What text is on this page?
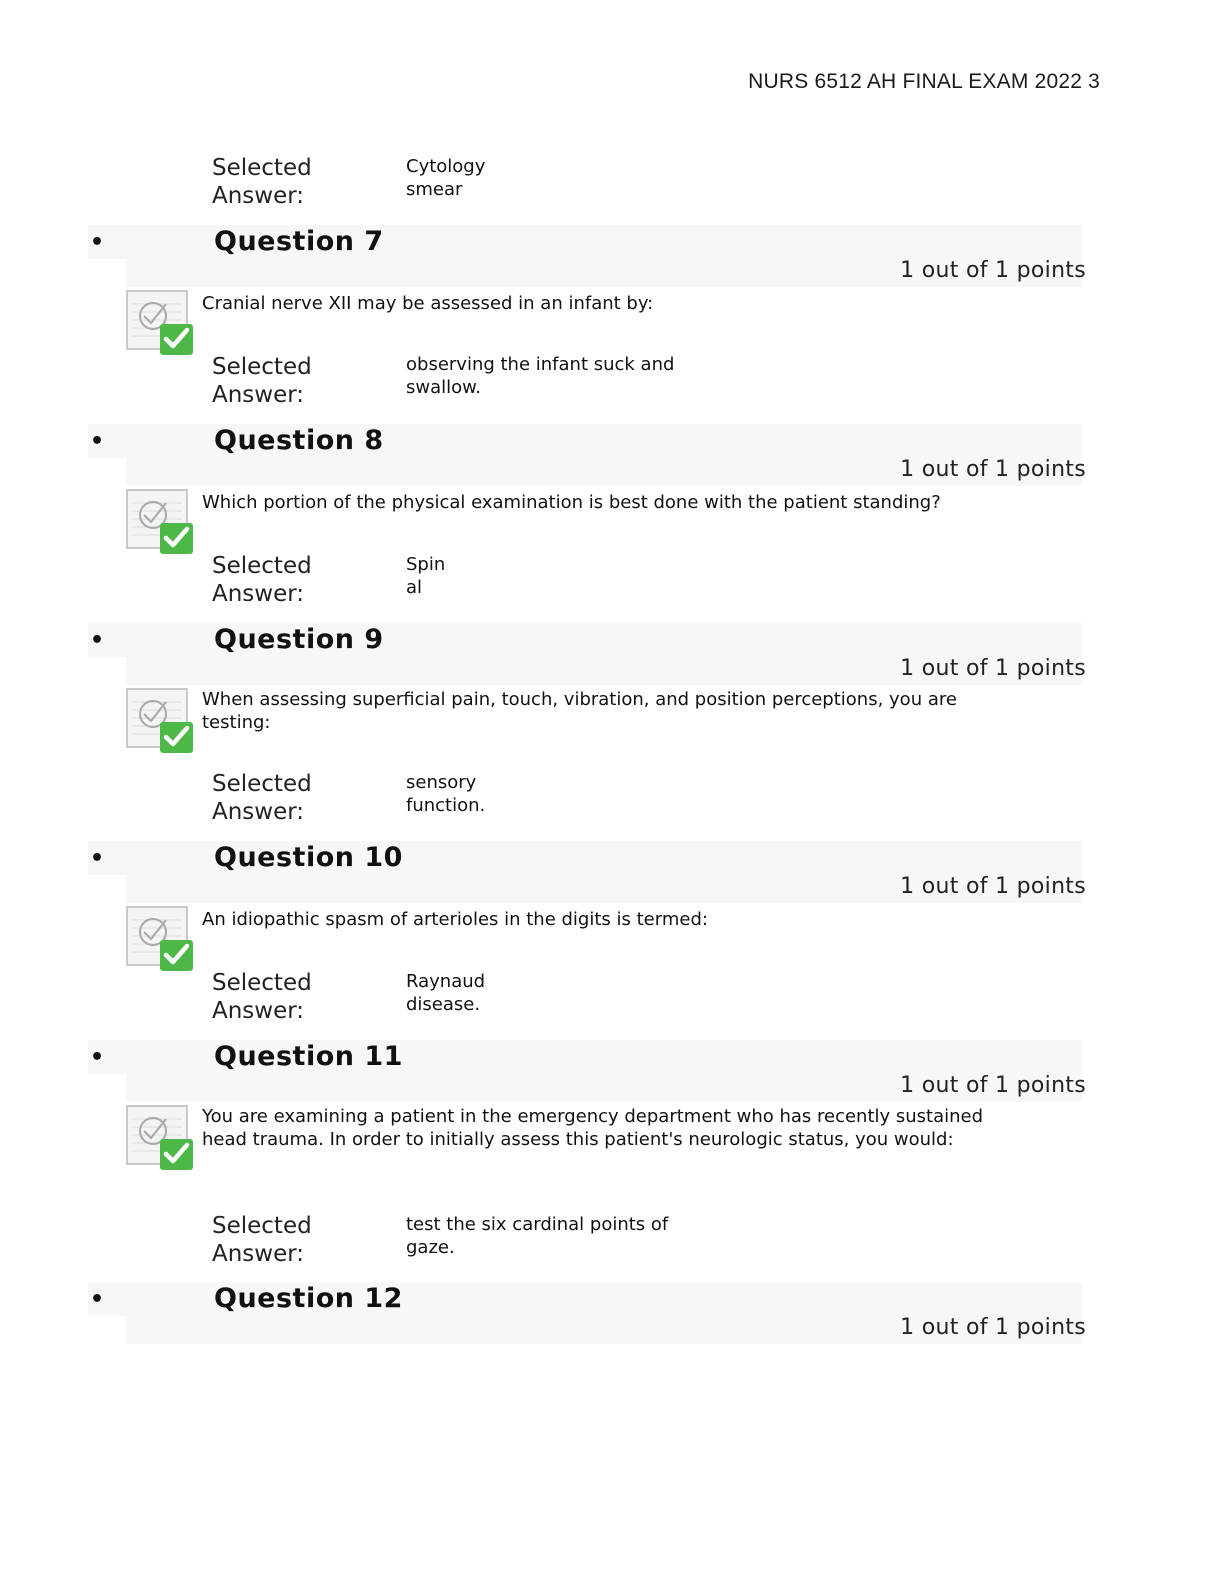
NURS 6512 AH FINAL EXAM 2022 3
Selected
Answer:
Cytology
smear
•	Question 7
1 out of 1 points
Cranial nerve XII may be assessed in an infant by:
Selected
Answer:
observing the infant suck and
swallow.
•	Question 8
1 out of 1 points
Which portion of the physical examination is best done with the patient standing?
Selected
Answer:
Spin
al
•	Question 9
1 out of 1 points
When assessing superficial pain, touch, vibration, and position perceptions, you are testing:
Selected
Answer:
sensory
function.
•	Question 10
1 out of 1 points
An idiopathic spasm of arterioles in the digits is termed:
Selected
Answer:
Raynaud
disease.
•	Question 11
1 out of 1 points
You are examining a patient in the emergency department who has recently sustained head trauma. In order to initially assess this patient's neurologic status, you would:
Selected
Answer:
test the six cardinal points of
gaze.
•	Question 12
1 out of 1 points
